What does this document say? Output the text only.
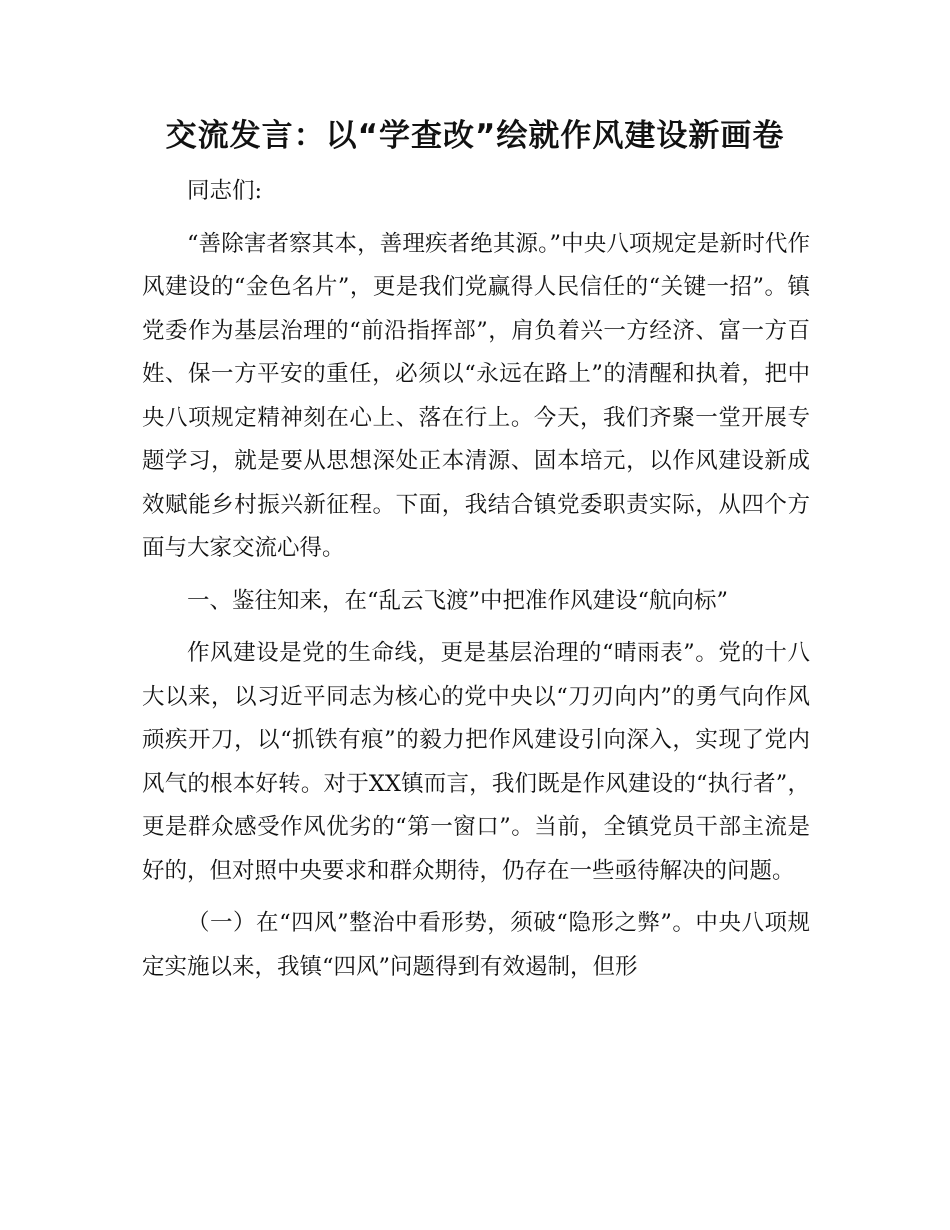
交流发言：以“学查改”绘就作风建设新画卷

同志们:

“善除害者察其本，善理疾者绝其源。”中央八项规定是新时代作风建设的“金色名片”，更是我们党赢得人民信任的“关键一招”。镇党委作为基层治理的“前沿指挥部”，肩负着兴一方经济、富一方百姓、保一方平安的重任，必须以“永远在路上”的清醒和执着，把中央八项规定精神刻在心上、落在行上。今天，我们齐聚一堂开展专题学习，就是要从思想深处正本清源、固本培元，以作风建设新成效赋能乡村振兴新征程。下面，我结合镇党委职责实际，从四个方面与大家交流心得。

一、鉴往知来，在“乱云飞渡”中把准作风建设“航向标”

作风建设是党的生命线，更是基层治理的“晴雨表”。党的十八大以来，以习近平同志为核心的党中央以“刀刃向内”的勇气向作风顽疾开刀，以“抓铁有痕”的毅力把作风建设引向深入，实现了党内风气的根本好转。对于XX镇而言，我们既是作风建设的“执行者”，更是群众感受作风优劣的“第一窗口”。当前，全镇党员干部主流是好的，但对照中央要求和群众期待，仍存在一些亟待解决的问题。

（一）在“四风”整治中看形势，须破“隐形之弊”。中央八项规定实施以来，我镇“四风”问题得到有效遏制，但形
